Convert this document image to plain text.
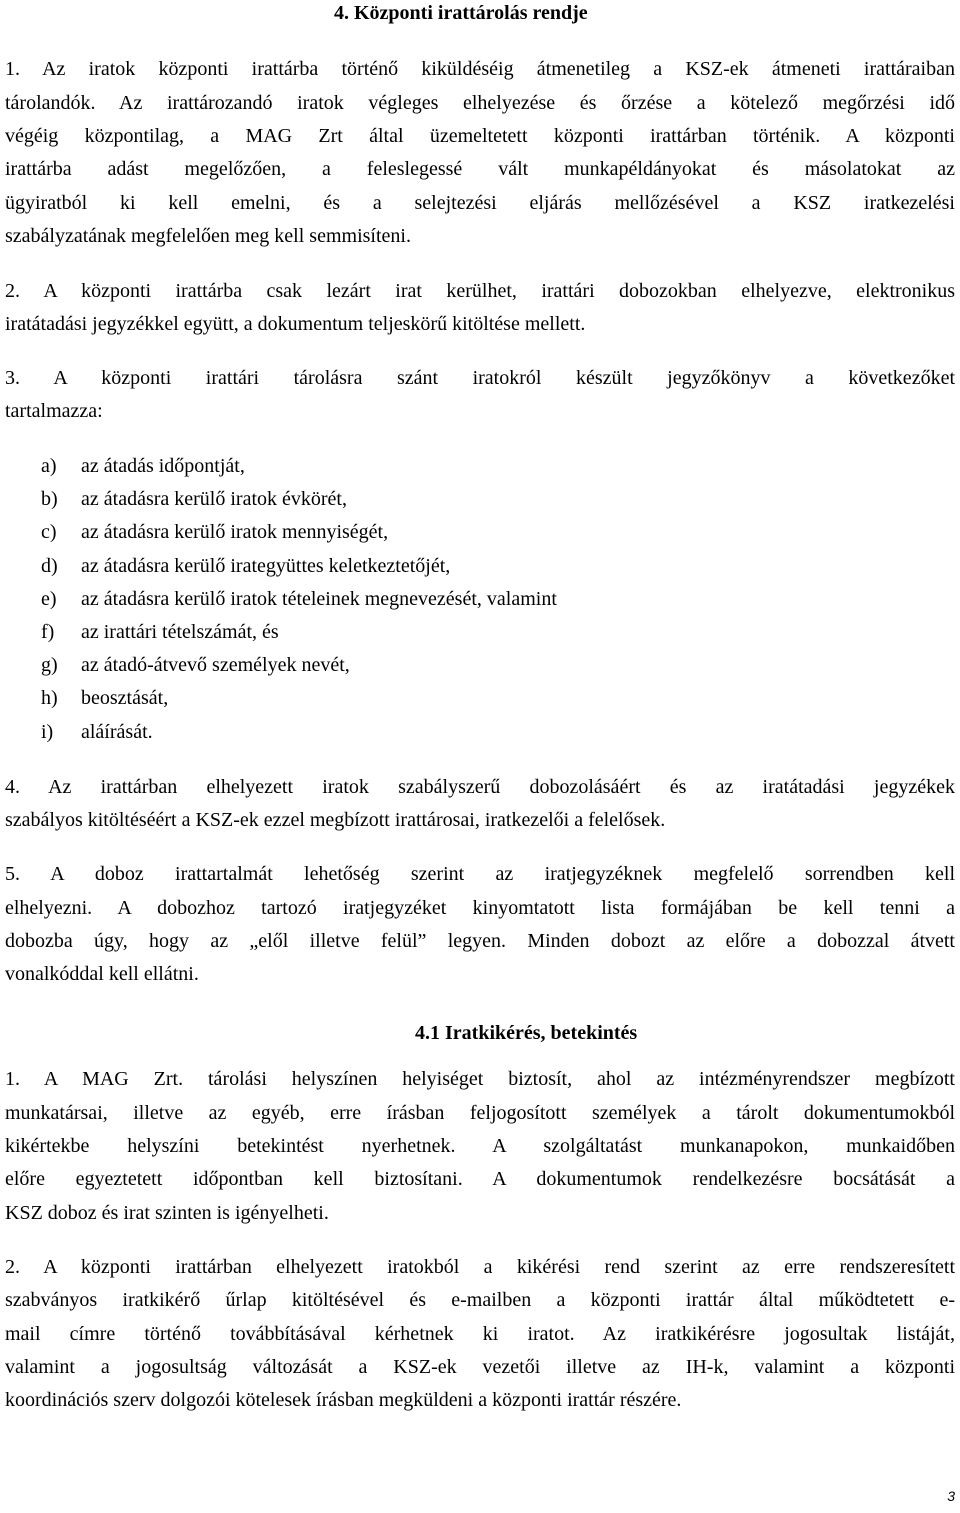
4. Központi irattárolás rendje
1. Az iratok központi irattárba történő kiküldéséig átmenetileg a KSZ-ek átmeneti irattáraiban
tárolandók. Az irattározandó iratok végleges elhelyezése és őrzése a kötelező megőrzési idő
végéig központilag, a MAG Zrt által üzemeltetett központi irattárban történik. A központi
irattárba adást megelőzően, a feleslegessé vált munkapéldányokat és másolatokat az
ügyiratból ki kell emelni, és a selejtezési eljárás mellőzésével a KSZ iratkezelési
szabályzatának megfelelően meg kell semmisíteni.
2. A központi irattárba csak lezárt irat kerülhet, irattári dobozokban elhelyezve, elektronikus
iratátadási jegyzékkel együtt, a dokumentum teljeskörű kitöltése mellett.
3. A központi irattári tárolásra szánt iratokról készült jegyzőkönyv a következőket
tartalmazza:
a) az átadás időpontját,
b) az átadásra kerülő iratok évkörét,
c) az átadásra kerülő iratok mennyiségét,
d) az átadásra kerülő irategyüttes keletkeztetőjét,
e) az átadásra kerülő iratok tételeinek megnevezését, valamint
f) az irattári tételszámát, és
g) az átadó-átvevő személyek nevét,
h) beosztását,
i) aláírását.
4. Az irattárban elhelyezett iratok szabályszerű dobozolásáért és az iratátadási jegyzékek
szabályos kitöltéséért a KSZ-ek ezzel megbízott irattárosai, iratkezelői a felelősek.
5. A doboz irattartalmát lehetőség szerint az iratjegyzéknek megfelelő sorrendben kell
elhelyezni. A dobozhoz tartozó iratjegyzéket kinyomtatott lista formájában be kell tenni a
dobozba úgy, hogy az „elől illetve felül” legyen. Minden dobozt az előre a dobozzal átvett
vonalkóddal kell ellátni.
4.1 Iratkikérés, betekintés
1. A MAG Zrt. tárolási helyszínen helyiséget biztosít, ahol az intézményrendszer megbízott
munkatársai, illetve az egyéb, erre írásban feljogosított személyek a tárolt dokumentumokból
kikértekbe helyszíni betekintést nyerhetnek. A szolgáltatást munkanapokon, munkaidőben
előre egyeztetett időpontban kell biztosítani. A dokumentumok rendelkezésre bocsátását a
KSZ doboz és irat szinten is igényelheti.
2. A központi irattárban elhelyezett iratokból a kikérési rend szerint az erre rendszeresített
szabványos iratkikérő űrlap kitöltésével és e-mailben a központi irattár által működtetett e-
mail címre történő továbbításával kérhetnek ki iratot. Az iratkikérésre jogosultak listáját,
valamint a jogosultság változását a KSZ-ek vezetői illetve az IH-k, valamint a központi
koordinációs szerv dolgozói kötelesek írásban megküldeni a központi irattár részére.
3
